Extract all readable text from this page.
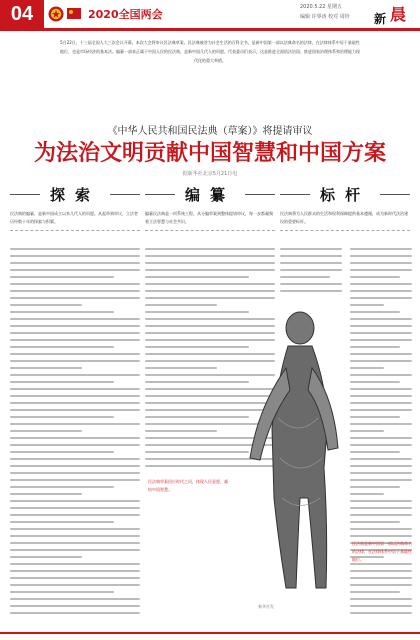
04	2020全国两会
2020.5.22 星期五
编辑 许界涛 校对 周铃 新 晨
5月22日，十三届全国人大三次会议开幕。本次大会将审议民法典草案。民法典被誉为社会生活的百科全书，是新中国第一部以法典命名的法律，在法律体系中居于基础性地位，也是市场经济的基本法。编纂一部真正属于中国人民的民法典，是新中国几代人的夙愿。代表委员们表示，这是推进全面依法治国、推进国家治理体系和治理能力现代化的重大举措。
《中华人民共和国民法典（草案）》将提请审议
为法治文明贡献中国智慧和中国方案
据新华社北京5月21日电
探索
民法典的编纂，是新中国成立以来几代人的夙愿。从起草到审议，立法者历经数十年的探索与积累。
编纂
编纂民法典是一项系统工程。从分编草案到整体提请审议，每一步都凝聚着立法智慧与社会共识。
标杆
民法典将为人民群众的生活和权利保障提供基本遵循，成为新时代法治建设的重要标杆。
民法典草案回应时代之问，体现人民意愿，凝结中国智慧。
民法典是新中国第一部以法典命名的法律，在法律体系中居于基础性地位。
新华社发
